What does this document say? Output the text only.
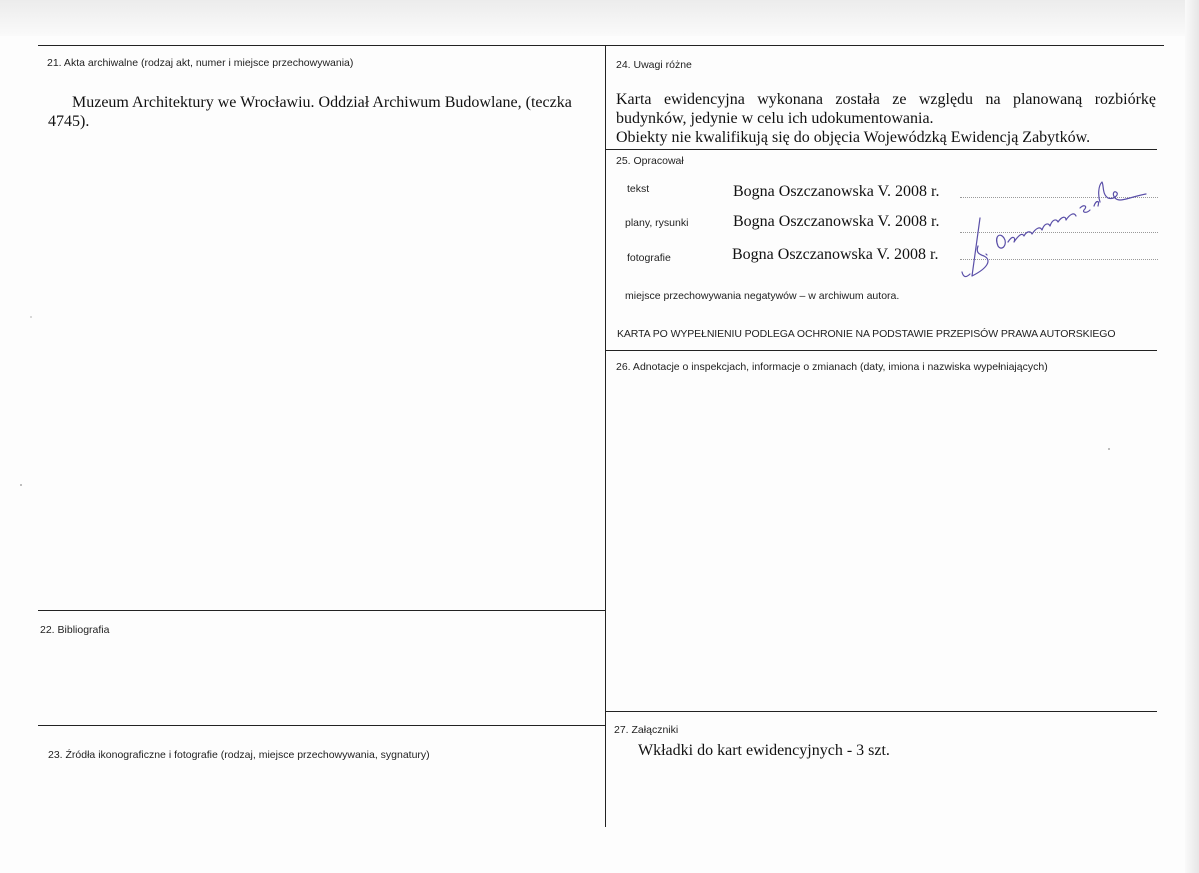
21. Akta archiwalne (rodzaj akt, numer i miejsce przechowywania)
Muzeum Architektury we Wrocławiu. Oddział Archiwum Budowlane, (teczka 4745).
22. Bibliografia
23. Źródła ikonograficzne i fotografie (rodzaj, miejsce przechowywania, sygnatury)
24. Uwagi różne
Karta ewidencyjna wykonana została ze względu na planowaną rozbiórkę budynków, jedynie w celu ich udokumentowania.
Obiekty nie kwalifikują się do objęcia Wojewódzką Ewidencją Zabytków.
25. Opracował
tekst	Bogna Oszczanowska V. 2008 r.
plany, rysunki	Bogna Oszczanowska V. 2008 r.
fotografie	Bogna Oszczanowska V. 2008 r.
miejsce przechowywania negatywów – w archiwum autora.
KARTA PO WYPEŁNIENIU PODLEGA OCHRONIE NA PODSTAWIE PRZEPISÓW PRAWA AUTORSKIEGO
26. Adnotacje o inspekcjach, informacje o zmianach (daty, imiona i nazwiska wypełniających)
27. Załączniki
Wkładki do kart ewidencyjnych - 3 szt.
